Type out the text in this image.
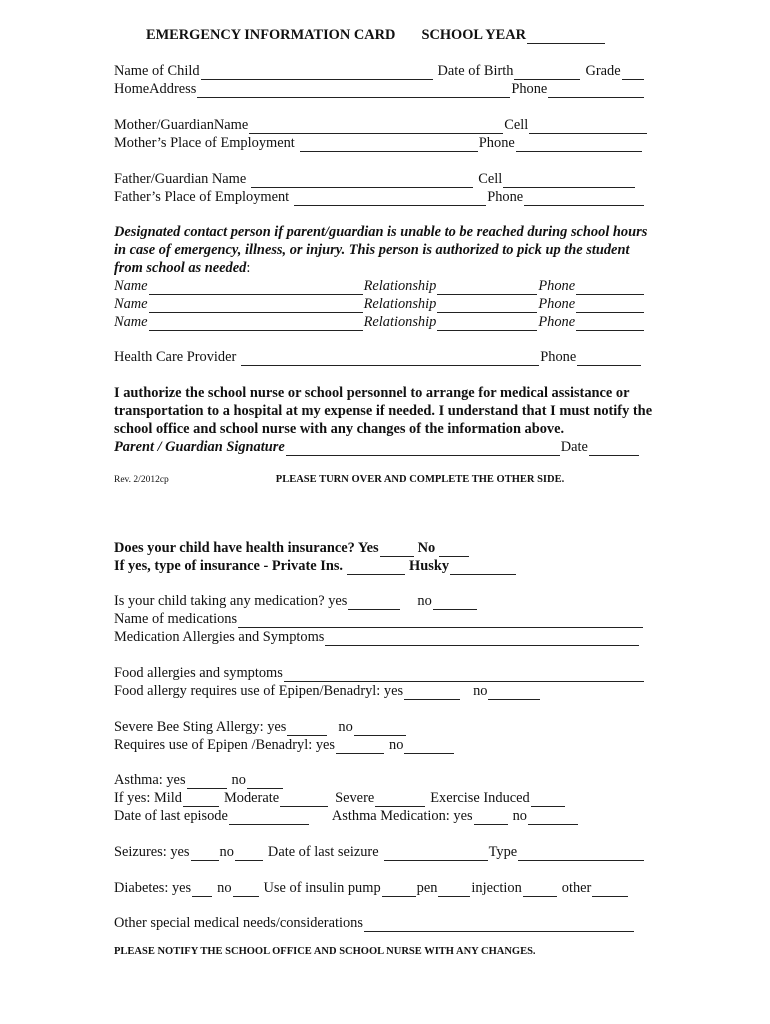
EMERGENCY INFORMATION CARD SCHOOL YEAR
Name of Child	Date of Birth	Grade
HomeAddress	Phone
Mother/GuardianName	Cell
Mother’s Place of Employment	Phone
Father/Guardian Name	Cell
Father’s Place of Employment	Phone
Designated contact person if parent/guardian is unable to be reached during school hours in case of emergency, illness, or injury. This person is authorized to pick up the student from school as needed:
Name	Relationship	Phone
Name	Relationship	Phone
Name	Relationship	Phone
Health Care Provider	Phone
I authorize the school nurse or school personnel to arrange for medical assistance or transportation to a hospital at my expense if needed. I understand that I must notify the school office and school nurse with any changes of the information above.
Parent / Guardian Signature	Date
Rev. 2/2012cp	PLEASE TURN OVER AND COMPLETE THE OTHER SIDE.
Does your child have health insurance? Yes	No
If yes, type of insurance - Private Ins.	Husky
Is your child taking any medication? yes	no
Name of medications
Medication Allergies and Symptoms
Food allergies and symptoms
Food allergy requires use of Epipen/Benadryl: yes	no
Severe Bee Sting Allergy: yes	no
Requires use of Epipen /Benadryl: yes	no
Asthma: yes	no
If yes: Mild	Moderate	Severe	Exercise Induced
Date of last episode	Asthma Medication: yes	no
Seizures: yes no Date of last seizure	Type
Diabetes: yes no Use of insulin pump	pen injection	other
Other special medical needs/considerations
PLEASE NOTIFY THE SCHOOL OFFICE AND SCHOOL NURSE WITH ANY CHANGES.
